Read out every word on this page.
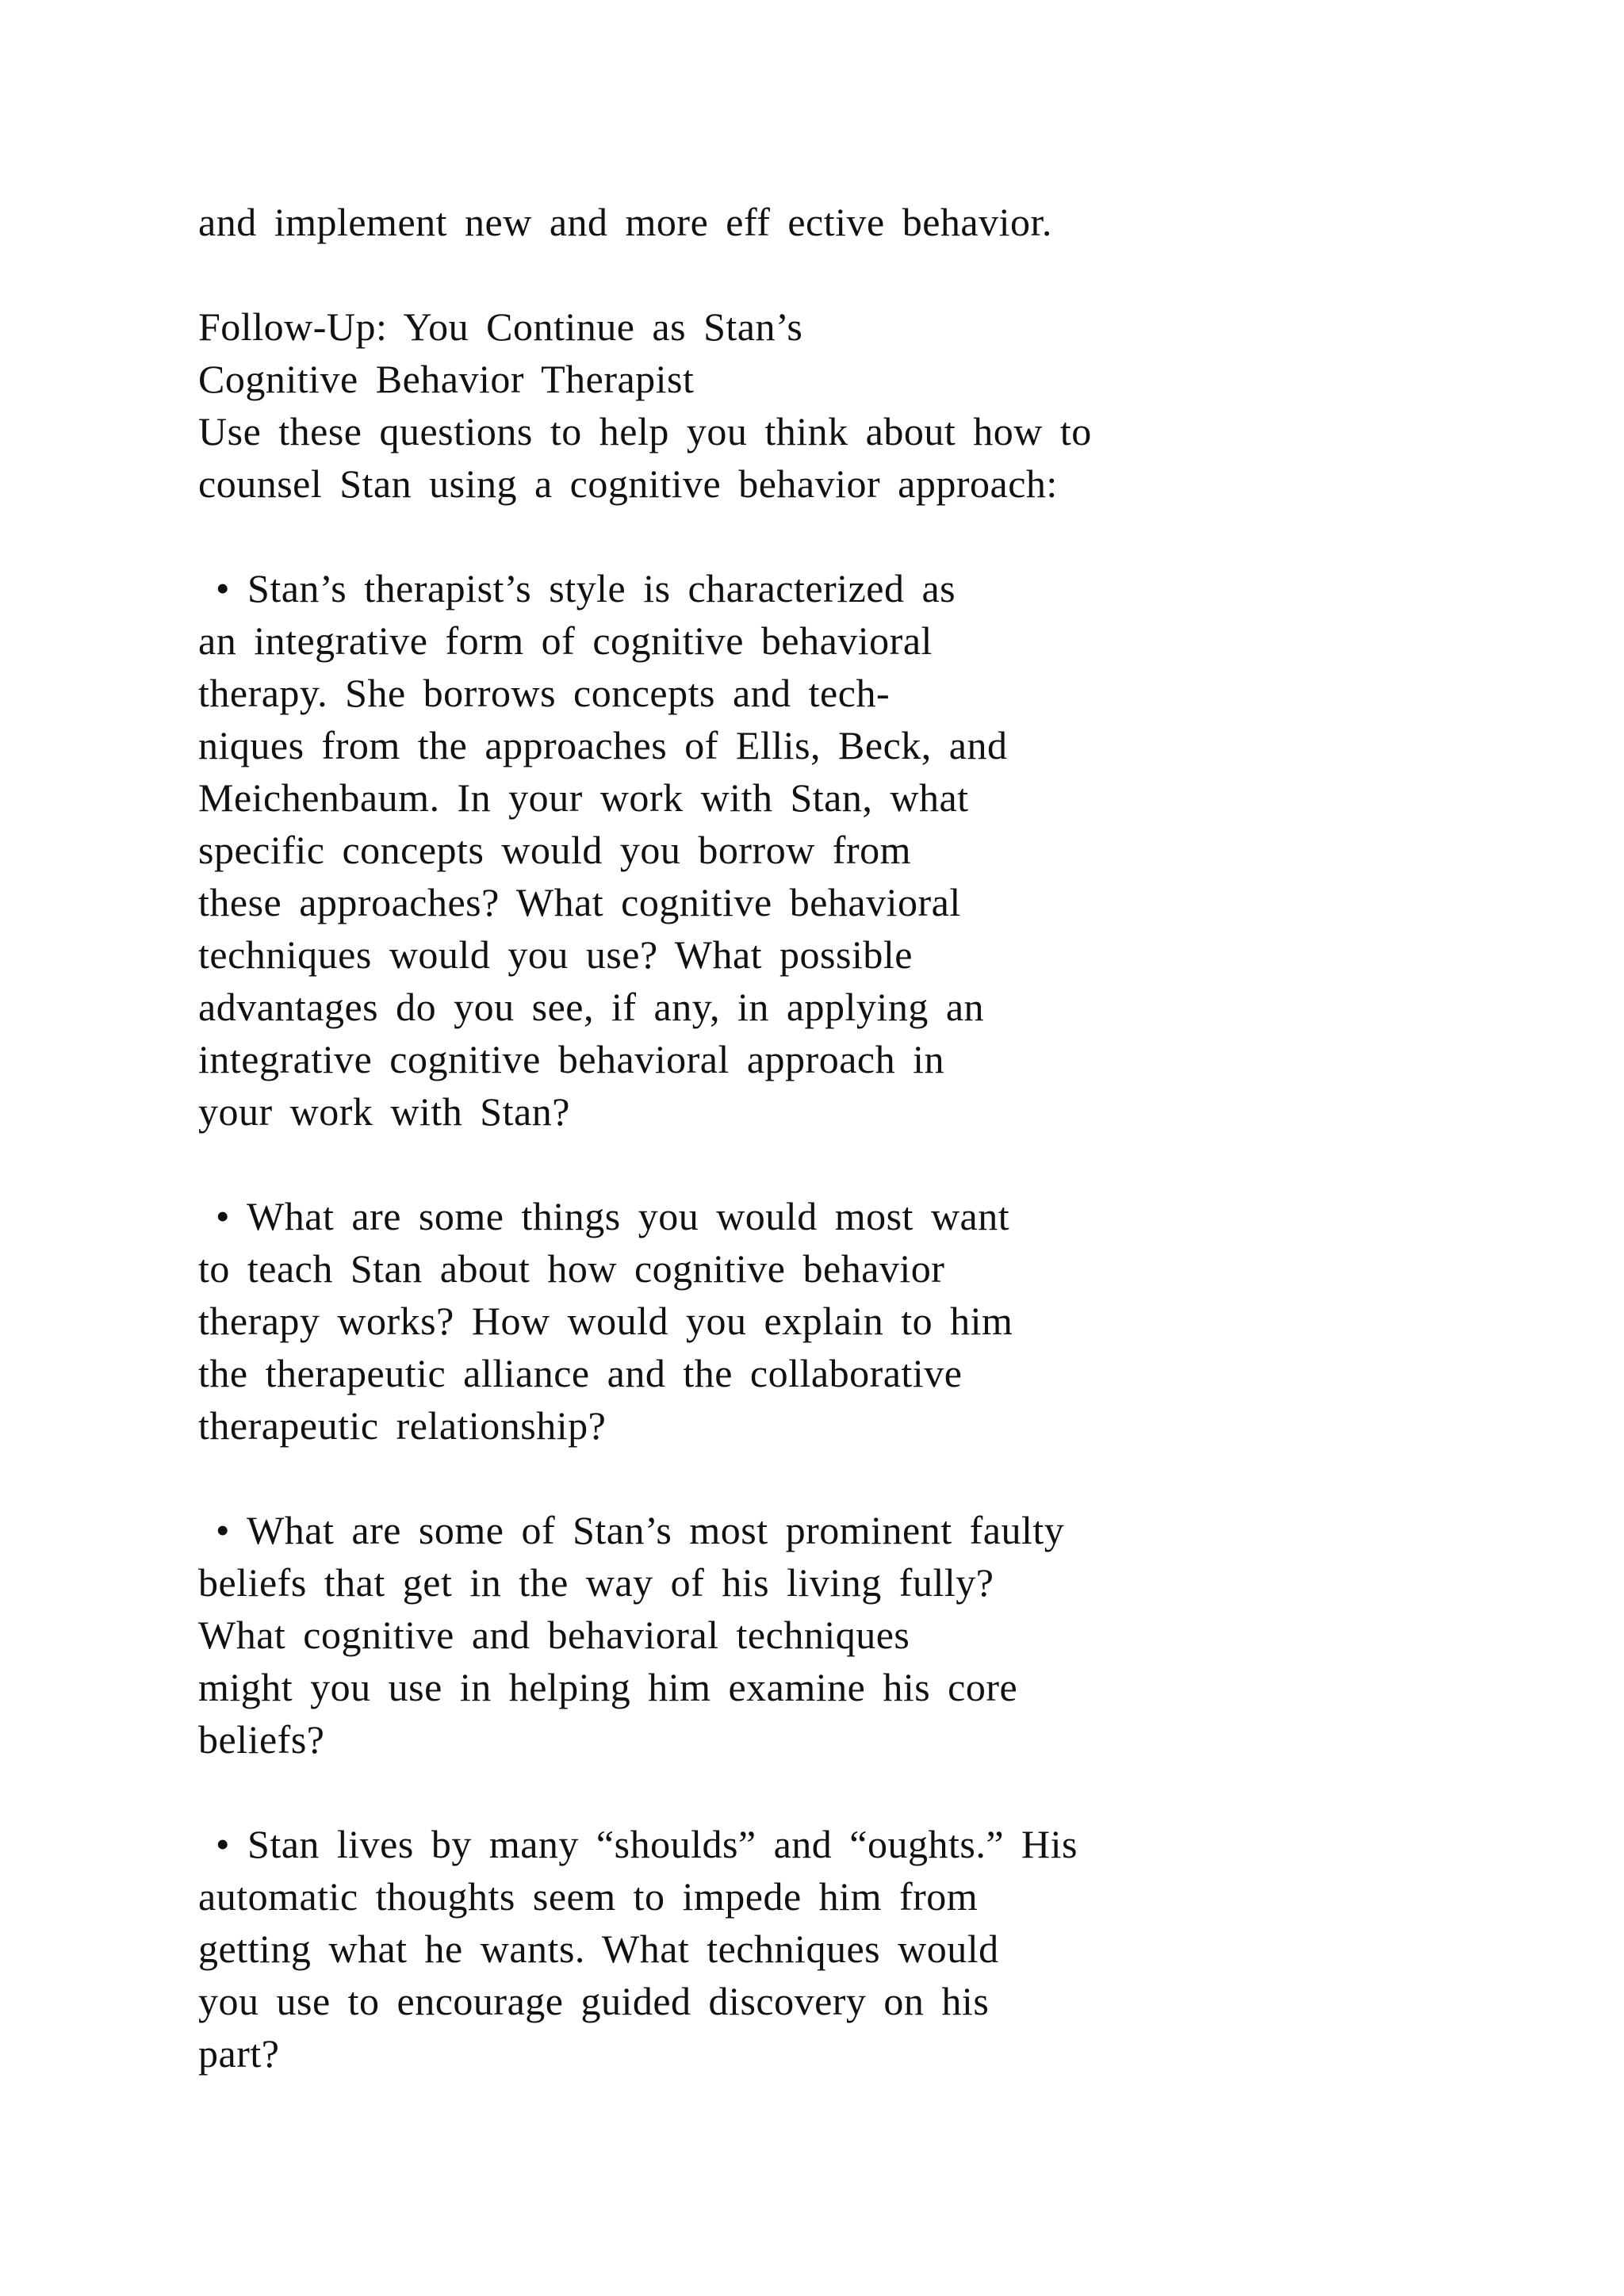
and implement new and more eff ective behavior.

Follow-Up: You Continue as Stan’s

Cognitive Behavior Therapist

Use these questions to help you think about how to

counsel Stan using a cognitive behavior approach:

• Stan’s therapist’s style is characterized as

an integrative form of cognitive behavioral

therapy. She borrows concepts and tech-

niques from the approaches of Ellis, Beck, and

Meichenbaum. In your work with Stan, what

specific concepts would you borrow from

these approaches? What cognitive behavioral

techniques would you use? What possible

advantages do you see, if any, in applying an

integrative cognitive behavioral approach in

your work with Stan?

• What are some things you would most want

to teach Stan about how cognitive behavior

therapy works? How would you explain to him

the therapeutic alliance and the collaborative

therapeutic relationship?

• What are some of Stan’s most prominent faulty

beliefs that get in the way of his living fully?

What cognitive and behavioral techniques

might you use in helping him examine his core

beliefs?

• Stan lives by many “shoulds” and “oughts.” His

automatic thoughts seem to impede him from

getting what he wants. What techniques would

you use to encourage guided discovery on his

part?
